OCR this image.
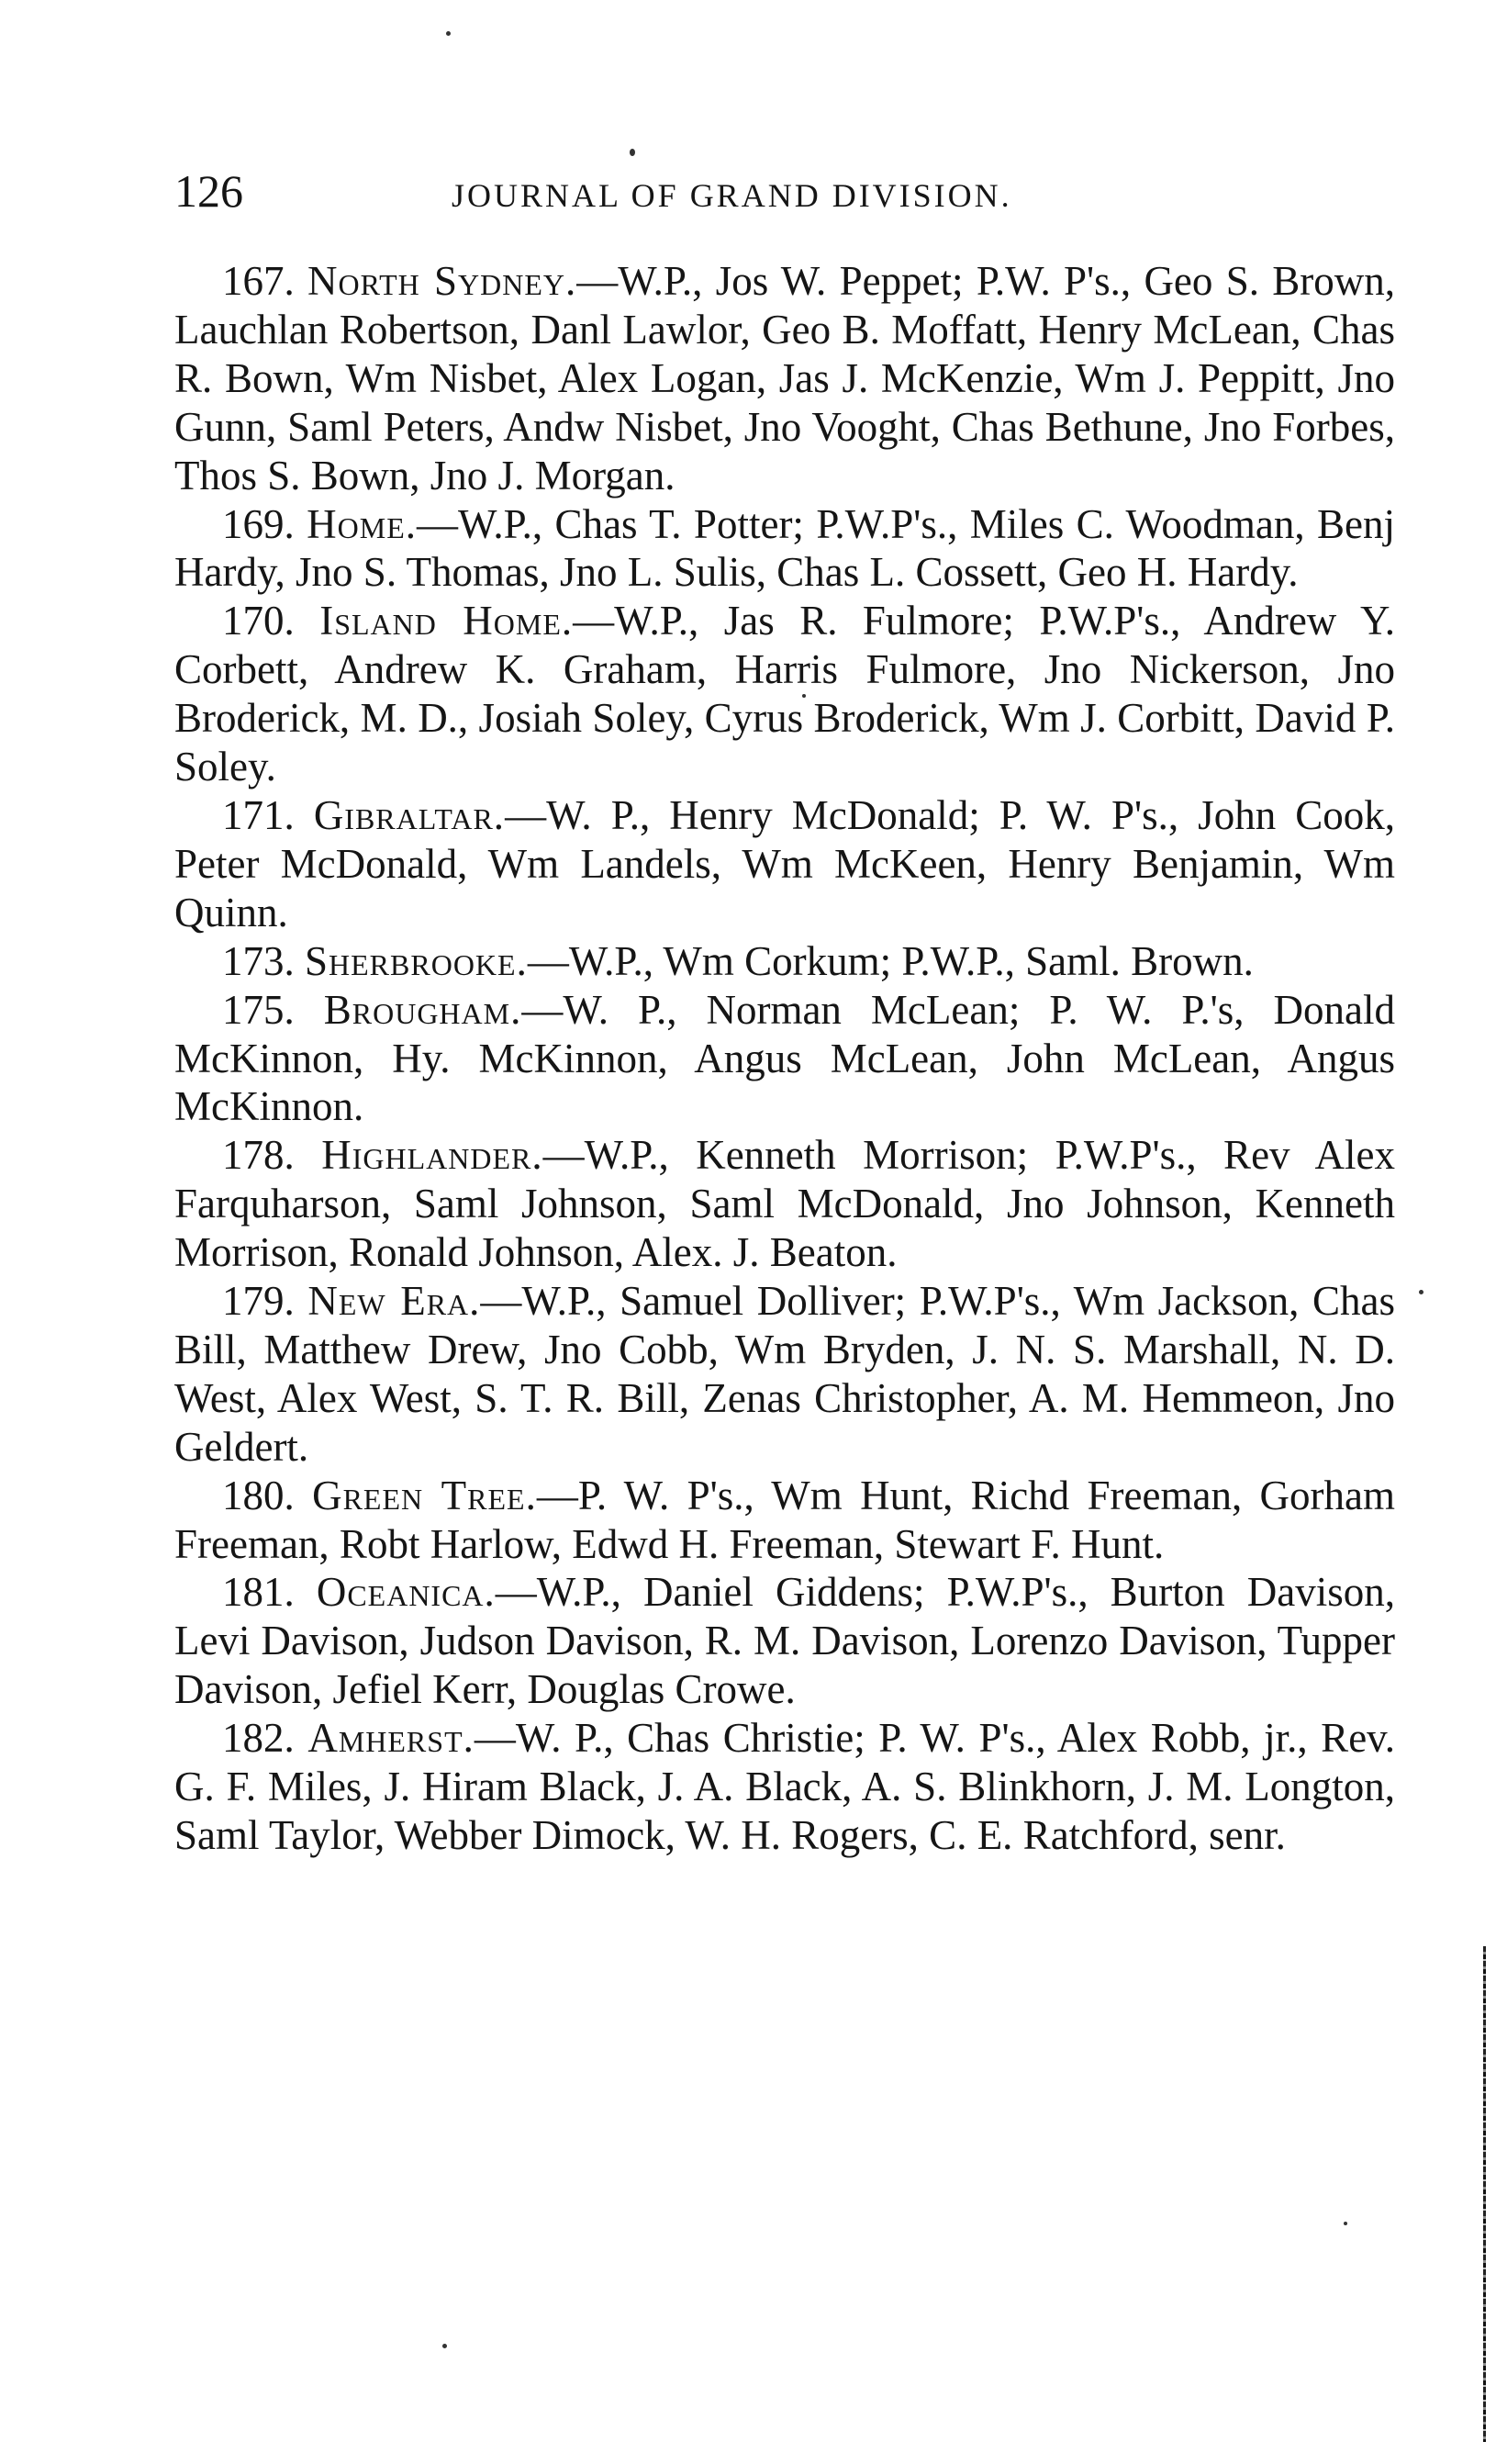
126	JOURNAL OF GRAND DIVISION.

167. North Sydney.—W.P., Jos W. Peppet; P.W. P's., Geo S. Brown, Lauchlan Robertson, Danl Lawlor, Geo B. Moffatt, Henry McLean, Chas R. Bown, Wm Nisbet, Alex Logan, Jas J. McKenzie, Wm J. Peppitt, Jno Gunn, Saml Peters, Andw Nisbet, Jno Vooght, Chas Bethune, Jno Forbes, Thos S. Bown, Jno J. Morgan.

169. Home.—W.P., Chas T. Potter; P.W.P's., Miles C. Woodman, Benj Hardy, Jno S. Thomas, Jno L. Sulis, Chas L. Cossett, Geo H. Hardy.

170. Island Home.—W.P., Jas R. Fulmore; P.W.P's., Andrew Y. Corbett, Andrew K. Graham, Harris Fulmore, Jno Nickerson, Jno Broderick, M. D., Josiah Soley, Cyrus Broderick, Wm J. Corbitt, David P. Soley.

171. Gibraltar.—W. P., Henry McDonald; P. W. P's., John Cook, Peter McDonald, Wm Landels, Wm McKeen, Henry Benjamin, Wm Quinn.

173. Sherbrooke.—W.P., Wm Corkum; P.W.P., Saml. Brown.

175. Brougham.—W. P., Norman McLean; P. W. P.'s, Donald McKinnon, Hy. McKinnon, Angus McLean, John McLean, Angus McKinnon.

178. Highlander.—W.P., Kenneth Morrison; P.W.P's., Rev Alex Farquharson, Saml Johnson, Saml McDonald, Jno Johnson, Kenneth Morrison, Ronald Johnson, Alex. J. Beaton.

179. New Era.—W.P., Samuel Dolliver; P.W.P's., Wm Jackson, Chas Bill, Matthew Drew, Jno Cobb, Wm Bryden, J. N. S. Marshall, N. D. West, Alex West, S. T. R. Bill, Zenas Christopher, A. M. Hemmeon, Jno Geldert.

180. Green Tree.—P. W. P's., Wm Hunt, Richd Freeman, Gorham Freeman, Robt Harlow, Edwd H. Freeman, Stewart F. Hunt.

181. Oceanica.—W.P., Daniel Giddens; P.W.P's., Burton Davison, Levi Davison, Judson Davison, R. M. Davison, Lorenzo Davison, Tupper Davison, Jefiel Kerr, Douglas Crowe.

182. Amherst.—W. P., Chas Christie; P. W. P's., Alex Robb, jr., Rev. G. F. Miles, J. Hiram Black, J. A. Black, A. S. Blinkhorn, J. M. Longton, Saml Taylor, Webber Dimock, W. H. Rogers, C. E. Ratchford, senr.
